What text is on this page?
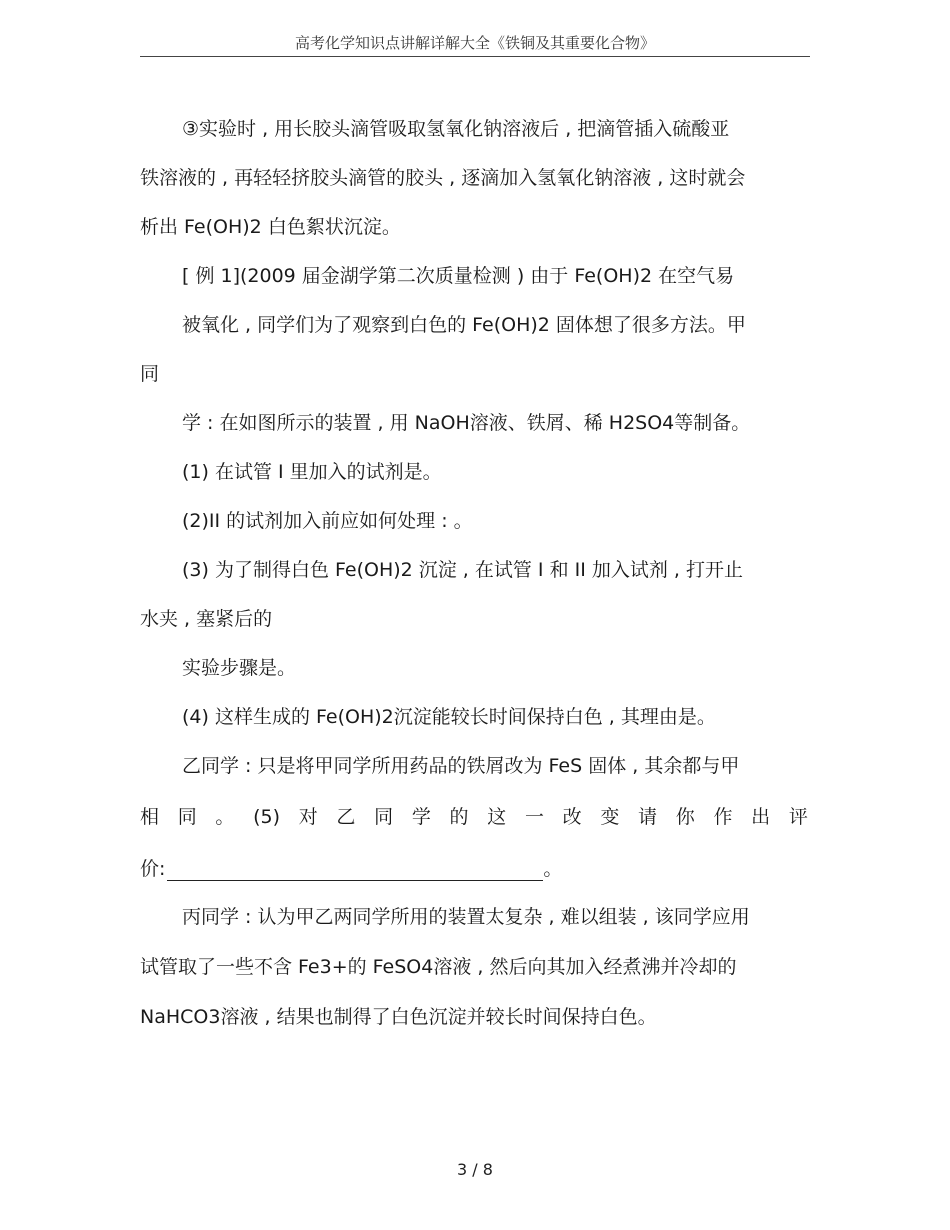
高考化学知识点讲解详解大全《铁铜及其重要化合物》
③实验时 , 用长胶头滴管吸取氢氧化钠溶液后 , 把滴管插入硫酸亚
铁溶液的 , 再轻轻挤胶头滴管的胶头 , 逐滴加入氢氧化钠溶液 , 这时就会
析出 Fe(OH)2 白色絮状沉淀。
[ 例 1](2009 届金湖学第二次质量检测 ) 由于 Fe(OH)2 在空气易
被氧化 , 同学们为了观察到白色的 Fe(OH)2 固体想了很多方法。甲
同
学 : 在如图所示的装置 , 用 NaOH溶液、铁屑、稀 H2SO4等制备。
(1) 在试管 I 里加入的试剂是。
(2)II 的试剂加入前应如何处理 : 。
(3) 为了制得白色 Fe(OH)2 沉淀 , 在试管 I 和 II 加入试剂 , 打开止
水夹 , 塞紧后的
实验步骤是。
(4) 这样生成的 Fe(OH)2沉淀能较长时间保持白色 , 其理由是。
乙同学 : 只是将甲同学所用药品的铁屑改为 FeS 固体 , 其余都与甲
相 同 。 (5) 对 乙 同 学 的 这 一 改 变 请 你 作 出 评
价:	。
丙同学 : 认为甲乙两同学所用的装置太复杂 , 难以组装 , 该同学应用
试管取了一些不含 Fe3+的 FeSO4溶液 , 然后向其加入经煮沸并冷却的
NaHCO3溶液 , 结果也制得了白色沉淀并较长时间保持白色。
3 / 8
